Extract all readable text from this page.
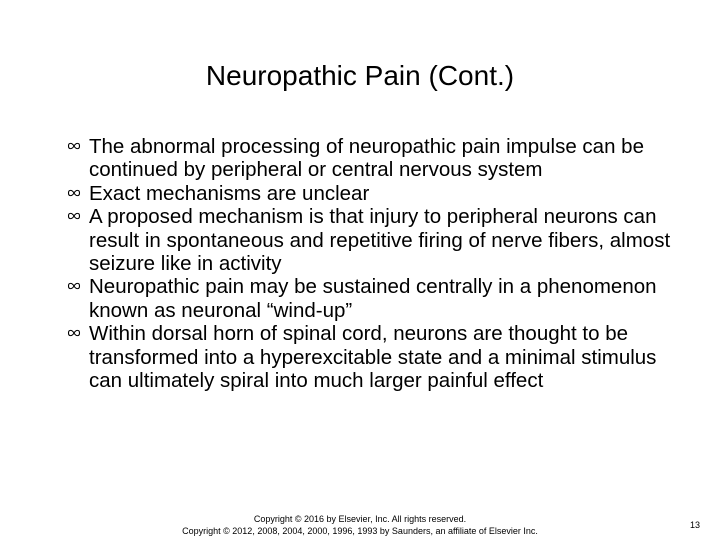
Neuropathic Pain (Cont.)
The abnormal processing of neuropathic pain impulse can be continued by peripheral or central nervous system
Exact mechanisms are unclear
A proposed mechanism is that injury to peripheral neurons can result in spontaneous and repetitive firing of nerve fibers, almost seizure like in activity
Neuropathic pain may be sustained centrally in a phenomenon known as neuronal “wind-up”
Within dorsal horn of spinal cord, neurons are thought to be transformed into a hyperexcitable state and a minimal stimulus can ultimately spiral into much larger painful effect
Copyright © 2016 by Elsevier, Inc. All rights reserved.
Copyright © 2012, 2008, 2004, 2000, 1996, 1993 by Saunders, an affiliate of Elsevier Inc.
13
